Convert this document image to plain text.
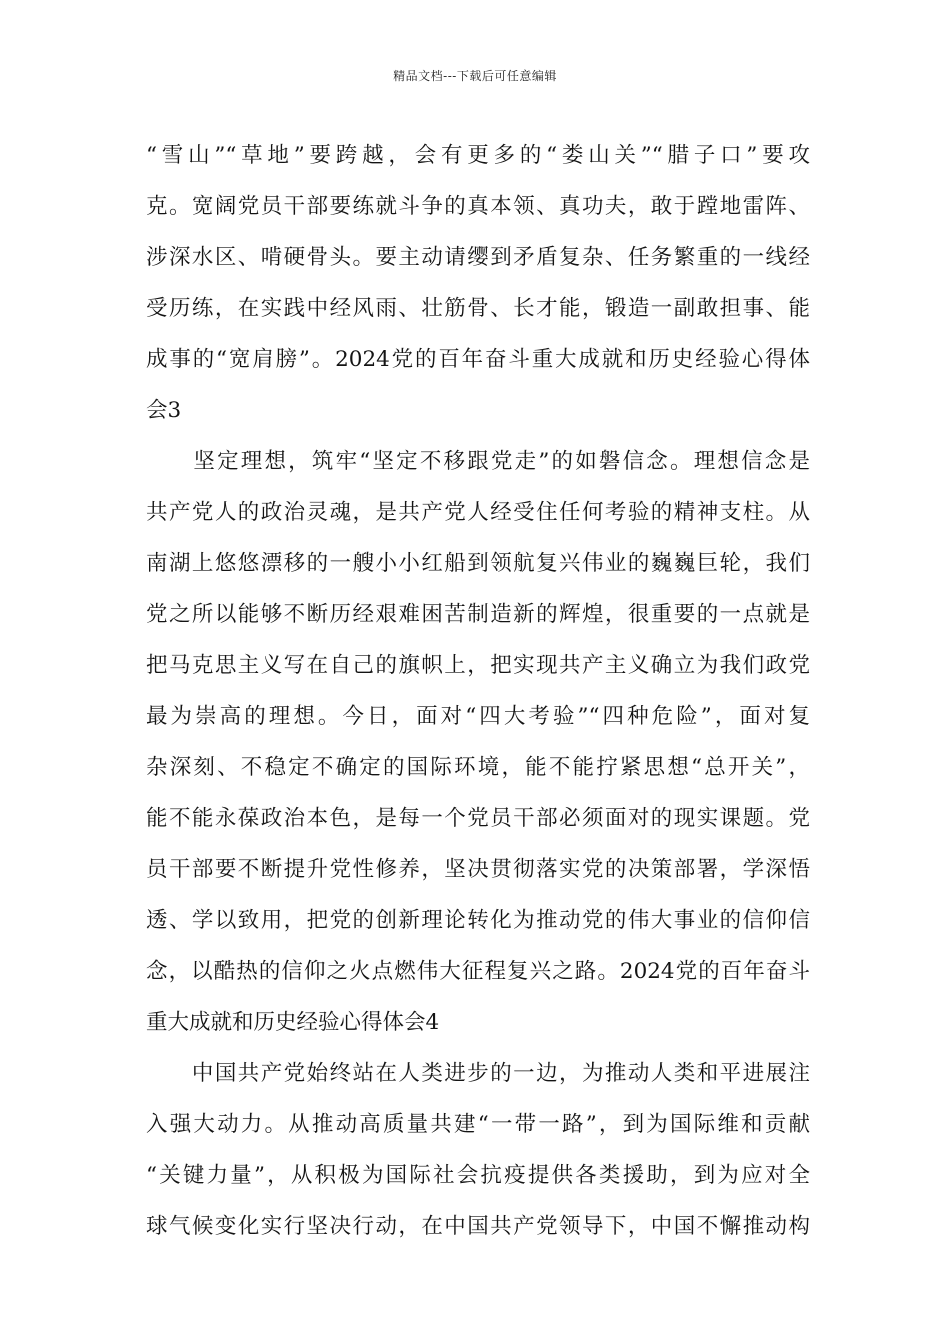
精品文档---下载后可任意编辑
“雪山”“草地”要跨越，会有更多的“娄山关”“腊子口”要攻
克。宽阔党员干部要练就斗争的真本领、真功夫，敢于蹚地雷阵、
涉深水区、啃硬骨头。要主动请缨到矛盾复杂、任务繁重的一线经
受历练，在实践中经风雨、壮筋骨、长才能，锻造一副敢担事、能
成事的“宽肩膀”。2024党的百年奋斗重大成就和历史经验心得体
会3
　　坚定理想，筑牢“坚定不移跟党走”的如磐信念。理想信念是
共产党人的政治灵魂，是共产党人经受住任何考验的精神支柱。从
南湖上悠悠漂移的一艘小小红船到领航复兴伟业的巍巍巨轮，我们
党之所以能够不断历经艰难困苦制造新的辉煌，很重要的一点就是
把马克思主义写在自己的旗帜上，把实现共产主义确立为我们政党
最为崇高的理想。今日，面对“四大考验”“四种危险”，面对复
杂深刻、不稳定不确定的国际环境，能不能拧紧思想“总开关”，
能不能永葆政治本色，是每一个党员干部必须面对的现实课题。党
员干部要不断提升党性修养，坚决贯彻落实党的决策部署，学深悟
透、学以致用，把党的创新理论转化为推动党的伟大事业的信仰信
念，以酷热的信仰之火点燃伟大征程复兴之路。2024党的百年奋斗
重大成就和历史经验心得体会4
　　中国共产党始终站在人类进步的一边，为推动人类和平进展注
入强大动力。从推动高质量共建“一带一路”，到为国际维和贡献
“关键力量”，从积极为国际社会抗疫提供各类援助，到为应对全
球气候变化实行坚决行动，在中国共产党领导下，中国不懈推动构
